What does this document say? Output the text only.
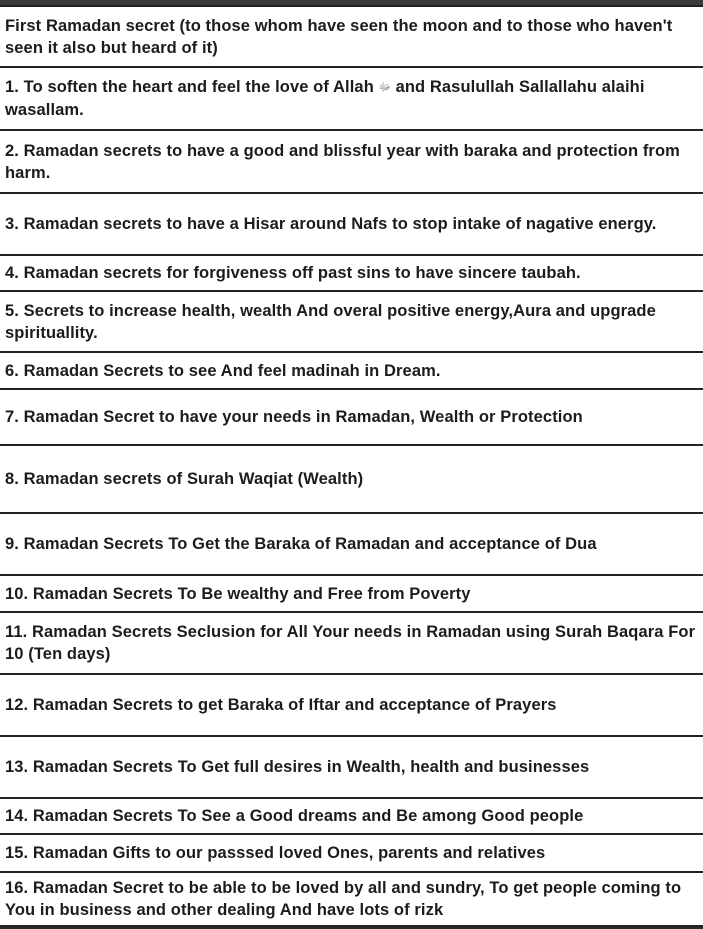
First Ramadan secret (to those whom have seen the moon and to those who haven't seen it also but heard of it)
1. To soften the heart and feel the love of Allah ﷻ and Rasulullah Sallallahu alaihi wasallam.
2. Ramadan secrets to have a good and blissful year with baraka and protection from harm.
3. Ramadan secrets to have a Hisar around Nafs to stop intake of nagative energy.
4. Ramadan secrets for forgiveness off past sins to have sincere taubah.
5. Secrets to increase health, wealth And overal positive energy,Aura and upgrade spirituallity.
6. Ramadan Secrets to see And feel madinah in Dream.
7. Ramadan Secret to have your needs in Ramadan, Wealth or Protection
8. Ramadan secrets of Surah Waqiat (Wealth)
9. Ramadan Secrets To Get the Baraka of Ramadan and acceptance of Dua
10. Ramadan Secrets To Be wealthy and Free from Poverty
11. Ramadan Secrets Seclusion for All Your needs in Ramadan using Surah Baqara For 10 (Ten days)
12. Ramadan Secrets to get Baraka of Iftar and acceptance of Prayers
13. Ramadan Secrets To Get full desires in Wealth, health and businesses
14. Ramadan Secrets To See a Good dreams and Be among Good people
15. Ramadan Gifts to our passsed loved Ones, parents and relatives
16. Ramadan Secret to be able to be loved by all and sundry, To get people coming to You in business and other dealing And have lots of rizk
